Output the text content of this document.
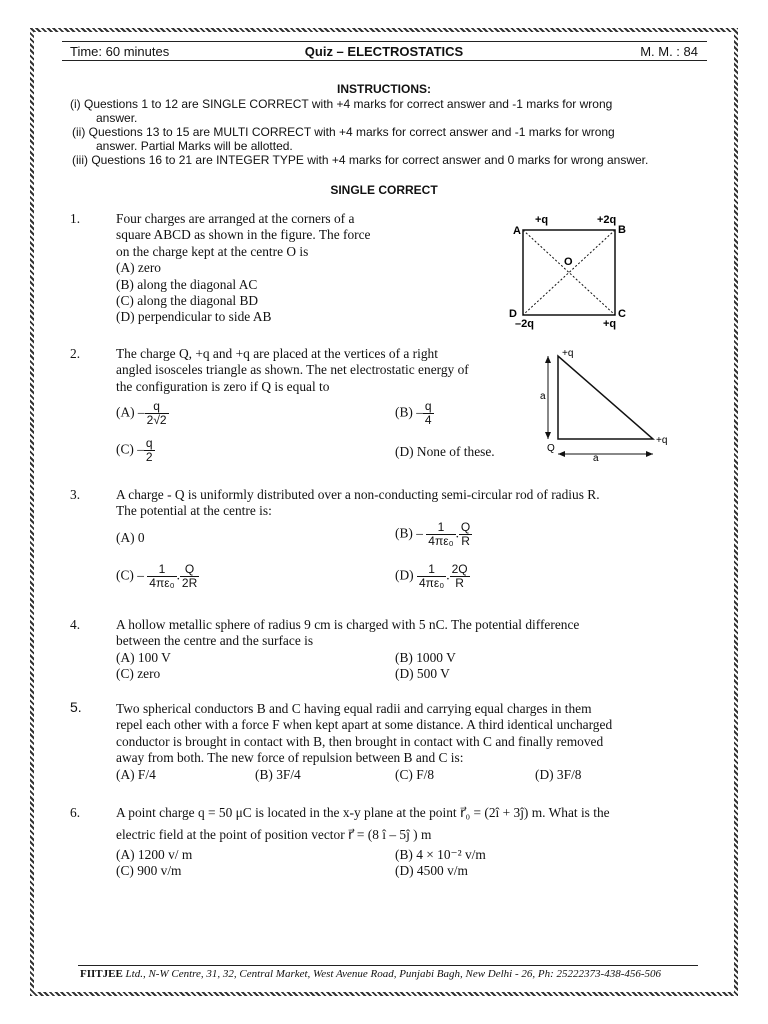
Time: 60 minutes	Quiz – ELECTROSTATICS	M. M. : 84
INSTRUCTIONS:
(i) Questions 1 to 12 are SINGLE CORRECT with +4 marks for correct answer and -1 marks for wrong
answer.
(ii) Questions 13 to 15 are MULTI CORRECT with +4 marks for correct answer and -1 marks for wrong
answer. Partial Marks will be allotted.
(iii) Questions 16 to 21 are INTEGER TYPE with +4 marks for correct answer and 0 marks for wrong answer.
SINGLE CORRECT
1.	Four charges are arranged at the corners of a
square ABCD as shown in the figure. The force
on the charge kept at the centre O is
(A) zero
(B) along the diagonal AC
(C) along the diagonal BD
(D) perpendicular to side AB
A
+q	+2q
B
O
D
–2q
C
+q
2.	The charge Q, +q and +q are placed at the vertices of a right
angled isosceles triangle as shown. The net electrostatic energy of
the configuration is zero if Q is equal to
$(A) - \frac{q}{2√2}$	$(B) - \frac{q}{4}$
$(C) - \frac{q}{2}$	(D) None of these.
+q
+q
Q
a
a
3.	A charge - Q is uniformly distributed over a non-conducting semi-circular rod of radius R.
The potential at the centre is:
(A) 0	$(B) - \frac{1}{\text{4πε₀}}$ . $\frac{Q}{R}$
$(C) - \frac{1}{\text{4πε₀}}$ . $\frac{Q}{2R}$	$(D) \frac{1}{\text{4πε₀}}$ . $\frac{2Q}{R}$
4.	A hollow metallic sphere of radius 9 cm is charged with 5 nC. The potential difference
between the centre and the surface is
(A) 100 V	(B) 1000 V
(C) zero	(D) 500 V
5.	Two spherical conductors B and C having equal radii and carrying equal charges in them
repel each other with a force F when kept apart at some distance. A third identical uncharged
conductor is brought in contact with B, then brought in contact with C and finally removed
away from both. The new force of repulsion between B and C is:
(A) F/4	(B) 3F/4	(C) F/8	(D) 3F/8
6.	A point charge q = 50 μC is located in the x-y plane at the point r⃗₀ = (2î + 3ĵ) m. What is the
electric field at the point of position vector r⃗ = (8 î – 5ĵ ) m
(A) 1200 v/ m	(B) 4 × 10⁻² v/m
(C) 900 v/m	(D) 4500 v/m
FIITJEE Ltd., N-W Centre, 31, 32, Central Market, West Avenue Road, Punjabi Bagh, New Delhi - 26, Ph: 25222373-438-456-506
